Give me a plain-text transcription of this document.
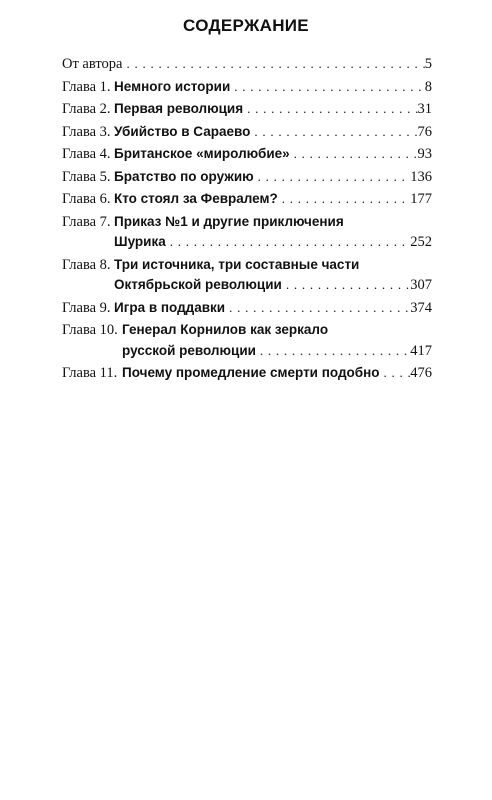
СОДЕРЖАНИЕ
От автора . . .	5
Глава 1. Немного истории . . .	8
Глава 2. Первая революция . . .	31
Глава 3. Убийство в Сараево . . .	76
Глава 4. Британское «миролюбие» . . .	93
Глава 5. Братство по оружию . . .	136
Глава 6. Кто стоял за Февралем? . . .	177
Глава 7. Приказ №1 и другие приключения
Шурика . . .	252
Глава 8. Три источника, три составные части
Октябрьской революции . . .	307
Глава 9. Игра в поддавки . . .	374
Глава 10. Генерал Корнилов как зеркало
русской революции . . .	417
Глава 11. Почему промедление смерти подобно . . . 476
